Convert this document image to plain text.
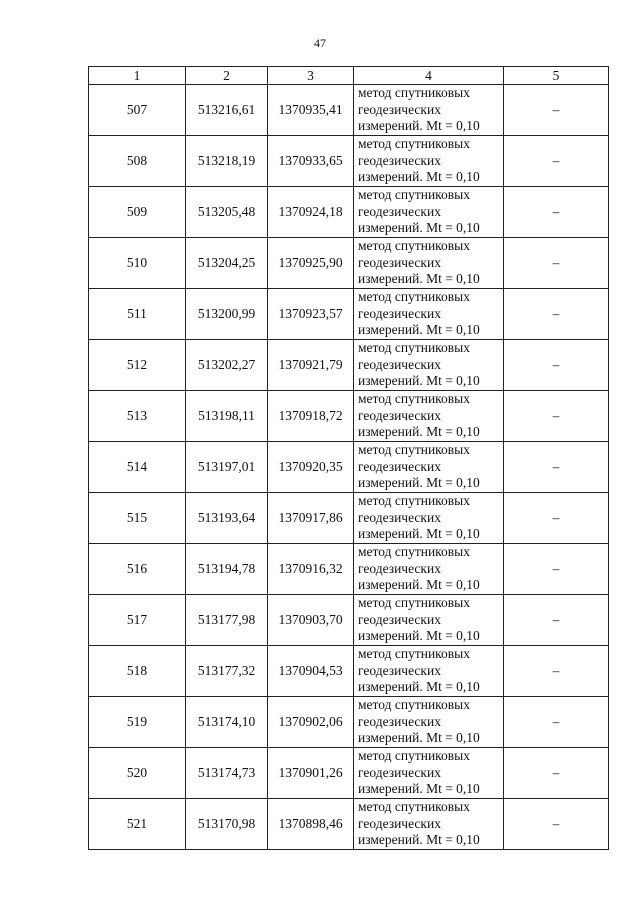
47
1	2	3	4	5
507	513216,61	1370935,41	метод спутниковых
геодезических
измерений. Mt = 0,10	–
508	513218,19	1370933,65	метод спутниковых
геодезических
измерений. Mt = 0,10	–
509	513205,48	1370924,18	метод спутниковых
геодезических
измерений. Mt = 0,10	–
510	513204,25	1370925,90	метод спутниковых
геодезических
измерений. Mt = 0,10	–
511	513200,99	1370923,57	метод спутниковых
геодезических
измерений. Mt = 0,10	–
512	513202,27	1370921,79	метод спутниковых
геодезических
измерений. Mt = 0,10	–
513	513198,11	1370918,72	метод спутниковых
геодезических
измерений. Mt = 0,10	–
514	513197,01	1370920,35	метод спутниковых
геодезических
измерений. Mt = 0,10	–
515	513193,64	1370917,86	метод спутниковых
геодезических
измерений. Mt = 0,10	–
516	513194,78	1370916,32	метод спутниковых
геодезических
измерений. Mt = 0,10	–
517	513177,98	1370903,70	метод спутниковых
геодезических
измерений. Mt = 0,10	–
518	513177,32	1370904,53	метод спутниковых
геодезических
измерений. Mt = 0,10	–
519	513174,10	1370902,06	метод спутниковых
геодезических
измерений. Mt = 0,10	–
520	513174,73	1370901,26	метод спутниковых
геодезических
измерений. Mt = 0,10	–
521	513170,98	1370898,46	метод спутниковых
геодезических
измерений. Mt = 0,10	–
